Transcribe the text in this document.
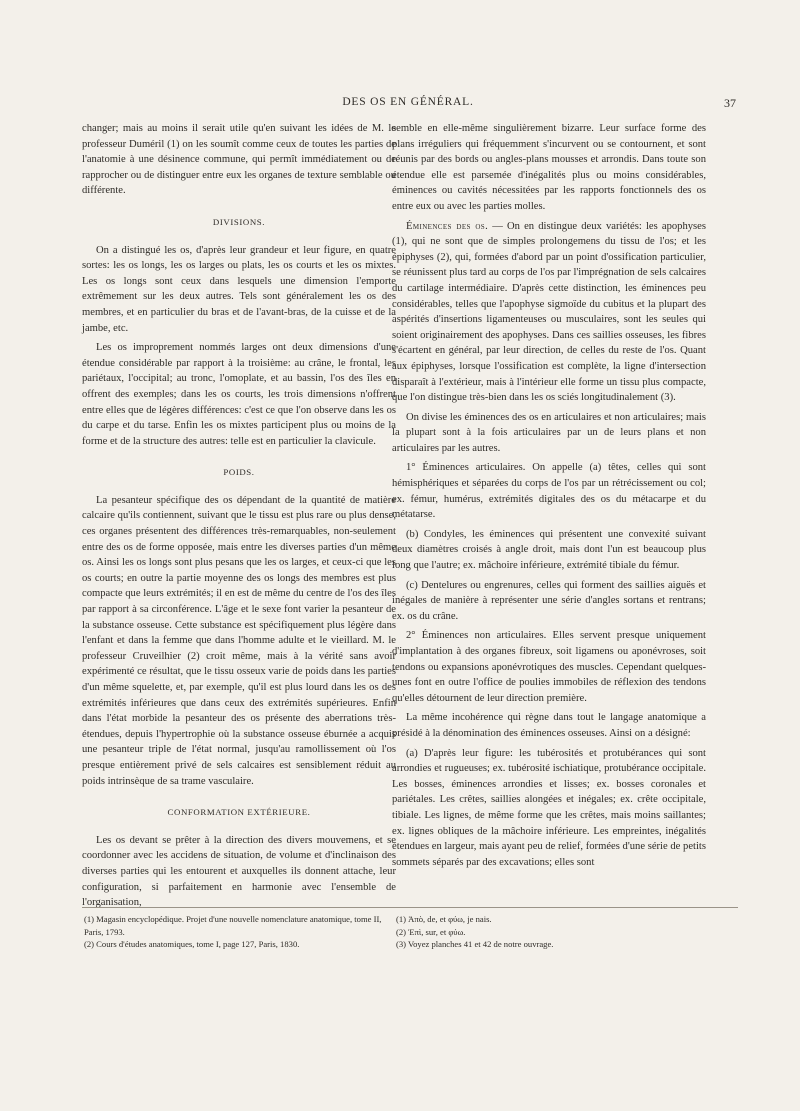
DES OS EN GÉNÉRAL.	37

changer; mais au moins il serait utile qu'en suivant les idées de M. le professeur Duméril (1) on les soumît comme ceux de toutes les parties de l'anatomie à une désinence commune, qui permît immédiatement ou de rapprocher ou de distinguer entre eux les organes de texture semblable ou différente.

DIVISIONS.

On a distingué les os, d'après leur grandeur et leur figure, en quatre sortes: les os longs, les os larges ou plats, les os courts et les os mixtes. Les os longs sont ceux dans lesquels une dimension l'emporte extrêmement sur les deux autres. Tels sont généralement les os des membres, et en particulier du bras et de l'avant-bras, de la cuisse et de la jambe, etc.

Les os improprement nommés larges ont deux dimensions d'une étendue considérable par rapport à la troisième: au crâne, le frontal, les pariétaux, l'occipital; au tronc, l'omoplate, et au bassin, l'os des îles en offrent des exemples; dans les os courts, les trois dimensions n'offrent entre elles que de légères différences: c'est ce que l'on observe dans les os du carpe et du tarse. Enfin les os mixtes participent plus ou moins de la forme et de la structure des autres: telle est en particulier la clavicule.

POIDS.

La pesanteur spécifique des os dépendant de la quantité de matière calcaire qu'ils contiennent, suivant que le tissu est plus rare ou plus dense, ces organes présentent des différences très-remarquables, non-seulement entre des os de forme opposée, mais entre les diverses parties d'un même os. Ainsi les os longs sont plus pesans que les os larges, et ceux-ci que les os courts; en outre la partie moyenne des os longs des membres est plus compacte que leurs extrémités; il en est de même du centre de l'os des îles par rapport à sa circonférence. L'âge et le sexe font varier la pesanteur de la substance osseuse. Cette substance est spécifiquement plus légère dans l'enfant et dans la femme que dans l'homme adulte et le vieillard. M. le professeur Cruveilhier (2) croit même, mais à la vérité sans avoir expérimenté ce résultat, que le tissu osseux varie de poids dans les parties d'un même squelette, et, par exemple, qu'il est plus lourd dans les os des extrémités inférieures que dans ceux des extrémités supérieures. Enfin dans l'état morbide la pesanteur des os présente des aberrations très-étendues, depuis l'hypertrophie où la substance osseuse éburnée a acquis une pesanteur triple de l'état normal, jusqu'au ramollissement où l'os presque entièrement privé de sels calcaires est sensiblement réduit au poids intrinsèque de sa trame vasculaire.

CONFORMATION EXTÉRIEURE.

Les os devant se prêter à la direction des divers mouvemens, et se coordonner avec les accidens de situation, de volume et d'inclinaison des diverses parties qui les entourent et auxquelles ils donnent attache, leur configuration, si parfaitement en harmonie avec l'ensemble de l'organisation,

semble en elle-même singulièrement bizarre. Leur surface forme des plans irréguliers qui fréquemment s'incurvent ou se contournent, et sont réunis par des bords ou angles-plans mousses et arrondis. Dans toute son étendue elle est parsemée d'inégalités plus ou moins considérables, éminences ou cavités nécessitées par les rapports fonctionnels des os entre eux ou avec les parties molles.

Éminences des os. — On en distingue deux variétés: les apophyses (1), qui ne sont que de simples prolongemens du tissu de l'os; et les épiphyses (2), qui, formées d'abord par un point d'ossification particulier, se réunissent plus tard au corps de l'os par l'imprégnation de sels calcaires du cartilage intermédiaire. D'après cette distinction, les éminences peu considérables, telles que l'apophyse sigmoïde du cubitus et la plupart des aspérités d'insertions ligamenteuses ou musculaires, sont les seules qui soient originairement des apophyses. Dans ces saillies osseuses, les fibres s'écartent en général, par leur direction, de celles du reste de l'os. Quant aux épiphyses, lorsque l'ossification est complète, la ligne d'intersection disparaît à l'extérieur, mais à l'intérieur elle forme un tissu plus compacte, que l'on distingue très-bien dans les os sciés longitudinalement (3).

On divise les éminences des os en articulaires et non articulaires; mais la plupart sont à la fois articulaires par un de leurs plans et non articulaires par les autres.

1° Éminences articulaires. On appelle (a) têtes, celles qui sont hémisphériques et séparées du corps de l'os par un rétrécissement ou col; ex. fémur, humérus, extrémités digitales des os du métacarpe et du métatarse.

(b) Condyles, les éminences qui présentent une convexité suivant deux diamètres croisés à angle droit, mais dont l'un est beaucoup plus long que l'autre; ex. mâchoire inférieure, extrémité tibiale du fémur.

(c) Dentelures ou engrenures, celles qui forment des saillies aiguës et inégales de manière à représenter une série d'angles sortans et rentrans; ex. os du crâne.

2° Éminences non articulaires. Elles servent presque uniquement d'implantation à des organes fibreux, soit ligamens ou aponévroses, soit tendons ou expansions aponévrotiques des muscles. Cependant quelques-unes font en outre l'office de poulies immobiles de réflexion des tendons qu'elles détournent de leur direction première.

La même incohérence qui règne dans tout le langage anatomique a présidé à la dénomination des éminences osseuses. Ainsi on a désigné:

(a) D'après leur figure: les tubérosités et protubérances qui sont arrondies et rugueuses; ex. tubérosité ischiatique, protubérance occipitale. Les bosses, éminences arrondies et lisses; ex. bosses coronales et pariétales. Les crêtes, saillies alongées et inégales; ex. crête occipitale, tibiale. Les lignes, de même forme que les crêtes, mais moins saillantes; ex. lignes obliques de la mâchoire inférieure. Les empreintes, inégalités étendues en largeur, mais ayant peu de relief, formées d'une série de petits sommets séparés par des excavations; elles sont

(1) Magasin encyclopédique. Projet d'une nouvelle nomenclature anatomique, tome II, Paris, 1793.
(2) Cours d'études anatomiques, tome I, page 127, Paris, 1830.
(1) Ἀπὸ, de, et φύω, je nais.
(2) Ἐπὶ, sur, et φύω.
(3) Voyez planches 41 et 42 de notre ouvrage.
